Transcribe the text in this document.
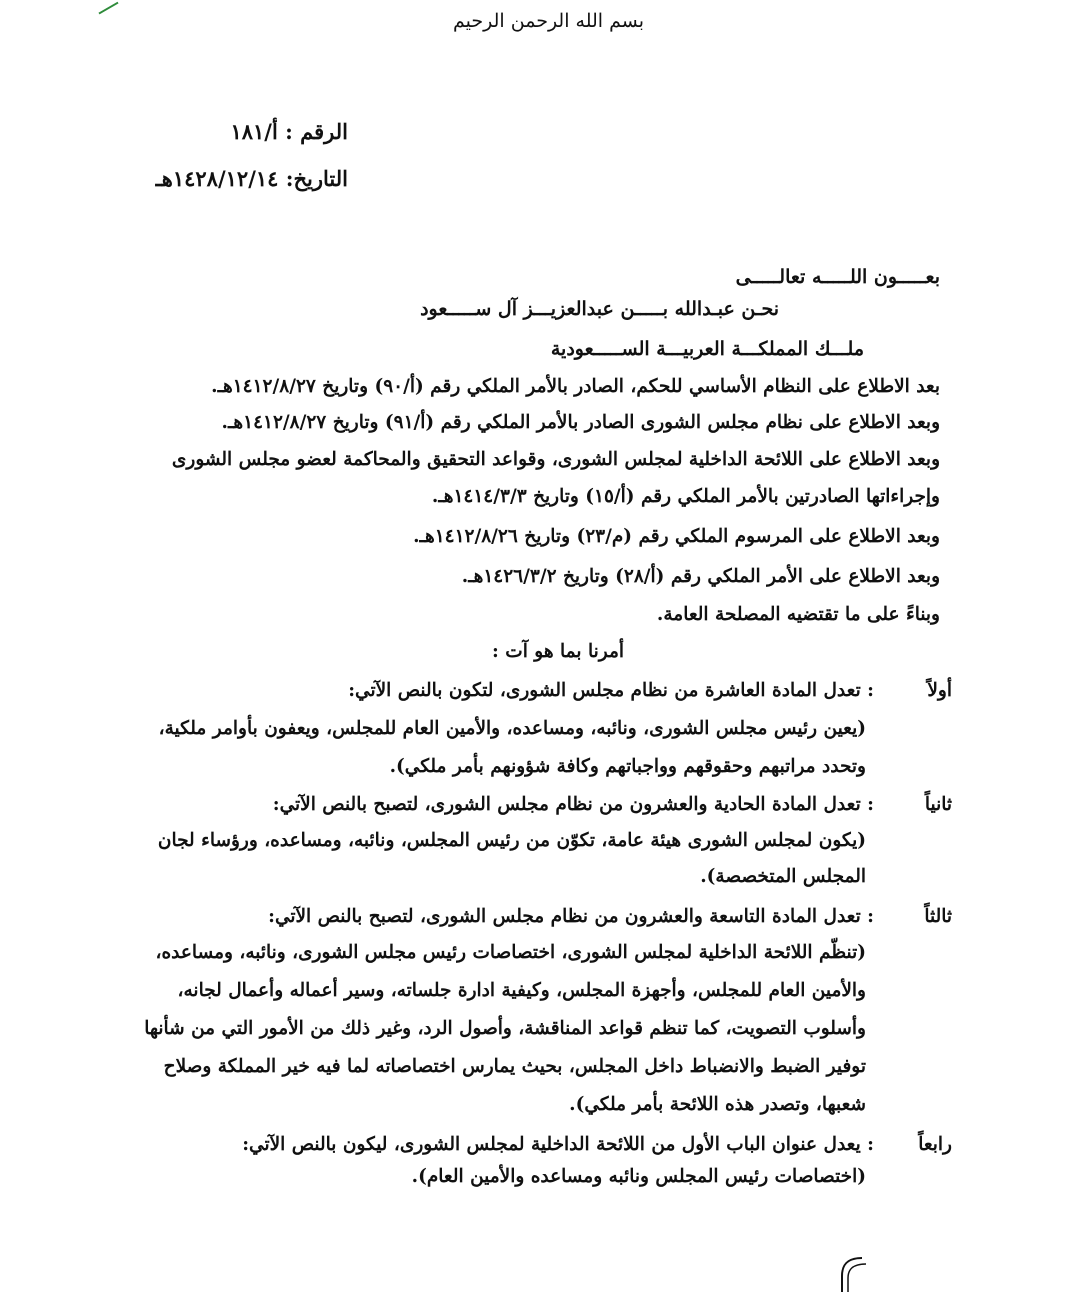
بسم الله الرحمن الرحيم
الرقم : أ/١٨١
التاريخ: ١٤٢٨/١٢/١٤هـ
بعـــــون اللـــــه تعالـــــى
نحـن عبـدالله بـــــن عبدالعزيـــز آل ســـــعود
ملـــك المملكـــة العربيـــة الســـــعودية
بعد الاطلاع على النظام الأساسي للحكم، الصادر بالأمر الملكي رقم (أ/٩٠) وتاريخ ١٤١٢/٨/٢٧هـ.
وبعد الاطلاع على نظام مجلس الشورى الصادر بالأمر الملكي رقم (أ/٩١) وتاريخ ١٤١٢/٨/٢٧هـ.
وبعد الاطلاع على اللائحة الداخلية لمجلس الشورى، وقواعد التحقيق والمحاكمة لعضو مجلس الشورى
وإجراءاتها الصادرتين بالأمر الملكي رقم (أ/١٥) وتاريخ ١٤١٤/٣/٣هـ.
وبعد الاطلاع على المرسوم الملكي رقم (م/٢٣) وتاريخ ١٤١٢/٨/٢٦هـ.
وبعد الاطلاع على الأمر الملكي رقم (أ/٢٨) وتاريخ ١٤٢٦/٣/٢هـ.
وبناءً على ما تقتضيه المصلحة العامة.
أمرنا بما هو آت :
أولاً
: تعدل المادة العاشرة من نظام مجلس الشورى، لتكون بالنص الآتي:
(يعين رئيس مجلس الشورى، ونائبه، ومساعده، والأمين العام للمجلس، ويعفون بأوامر ملكية،
وتحدد مراتبهم وحقوقهم وواجباتهم وكافة شؤونهم بأمر ملكي).
ثانياً
: تعدل المادة الحادية والعشرون من نظام مجلس الشورى، لتصبح بالنص الآتي:
(يكون لمجلس الشورى هيئة عامة، تكوّن من رئيس المجلس، ونائبه، ومساعده، ورؤساء لجان
المجلس المتخصصة).
ثالثاً
: تعدل المادة التاسعة والعشرون من نظام مجلس الشورى، لتصبح بالنص الآتي:
(تنظّم اللائحة الداخلية لمجلس الشورى، اختصاصات رئيس مجلس الشورى، ونائبه، ومساعده،
والأمين العام للمجلس، وأجهزة المجلس، وكيفية ادارة جلساته، وسير أعماله وأعمال لجانه،
وأسلوب التصويت، كما تنظم قواعد المناقشة، وأصول الرد، وغير ذلك من الأمور التي من شأنها
توفير الضبط والانضباط داخل المجلس، بحيث يمارس اختصاصاته لما فيه خير المملكة وصلاح
شعبها، وتصدر هذه اللائحة بأمر ملكي).
رابعاً
: يعدل عنوان الباب الأول من اللائحة الداخلية لمجلس الشورى، ليكون بالنص الآتي:
(اختصاصات رئيس المجلس ونائبه ومساعده والأمين العام).
